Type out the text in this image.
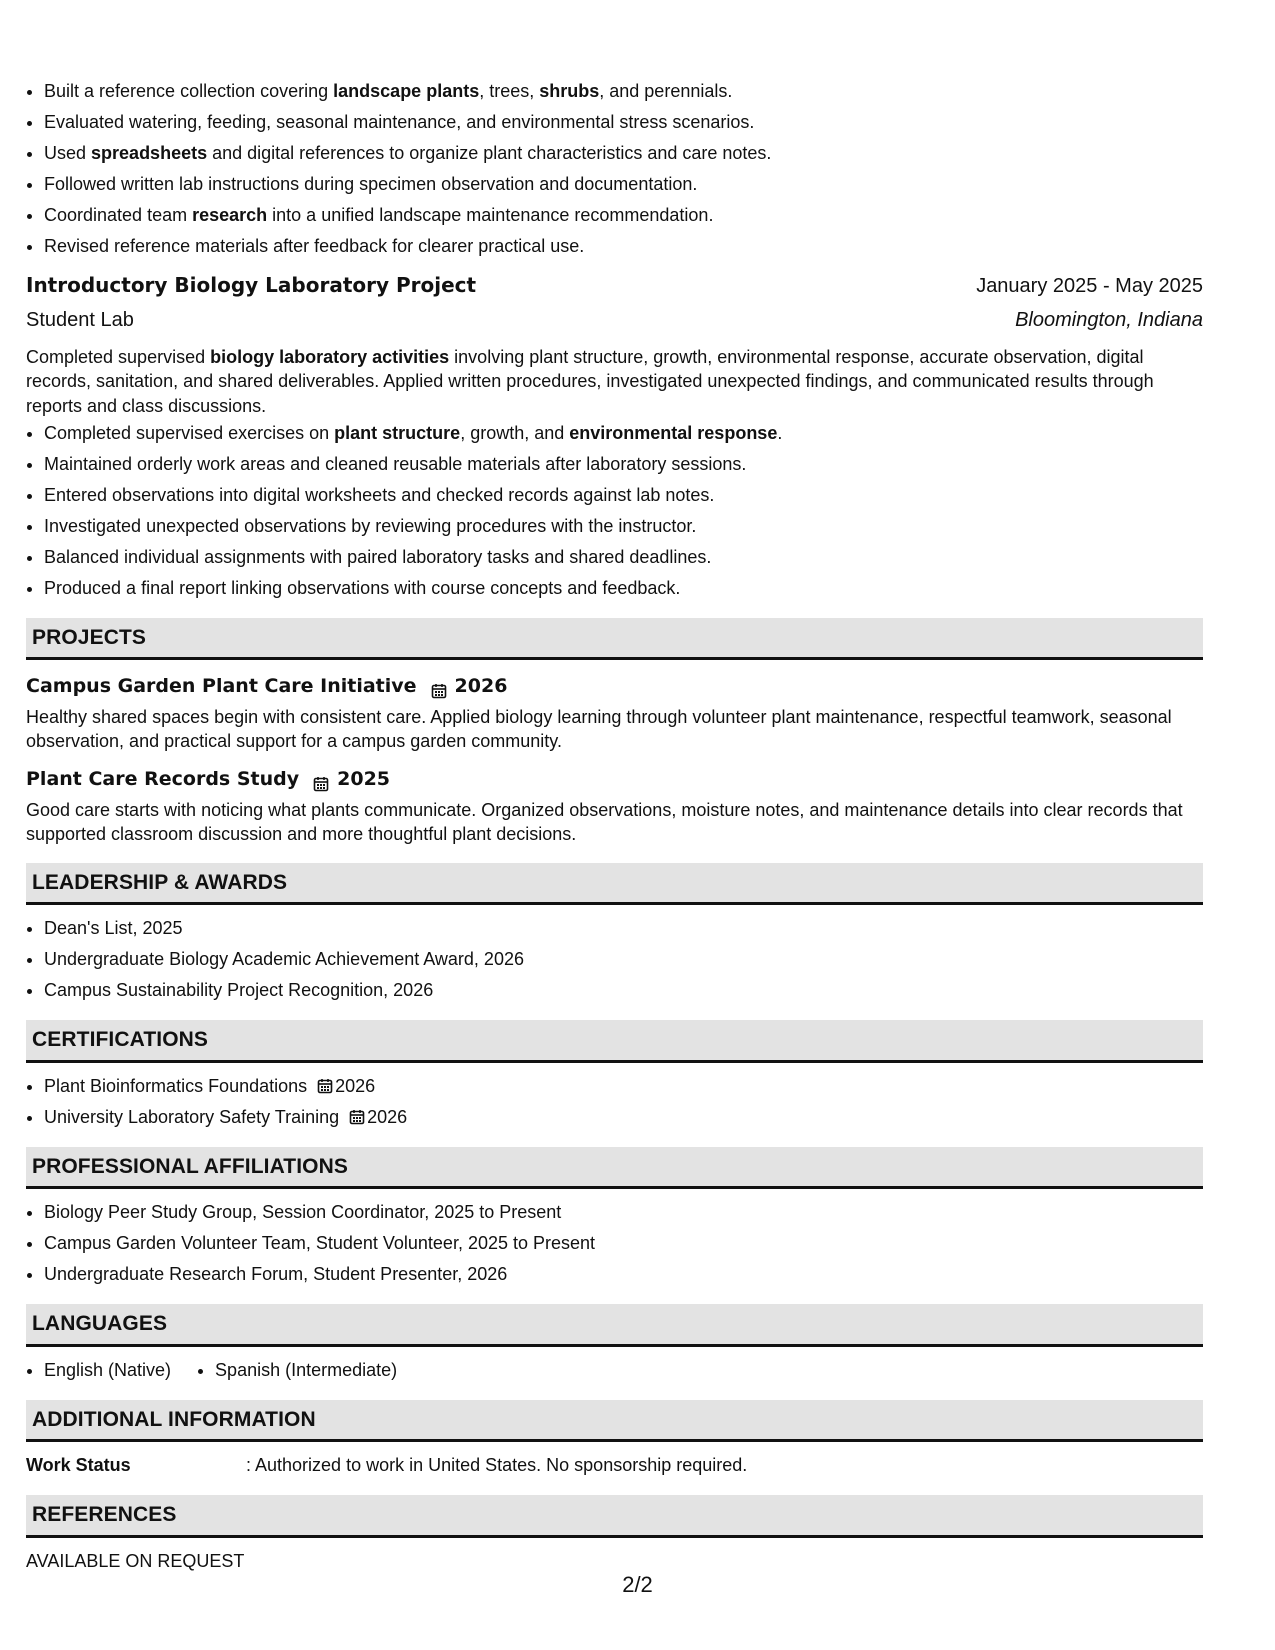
• Built a reference collection covering landscape plants, trees, shrubs, and perennials.
• Evaluated watering, feeding, seasonal maintenance, and environmental stress scenarios.
• Used spreadsheets and digital references to organize plant characteristics and care notes.
• Followed written lab instructions during specimen observation and documentation.
• Coordinated team research into a unified landscape maintenance recommendation.
• Revised reference materials after feedback for clearer practical use.
Introductory Biology Laboratory Project	January 2025 - May 2025
Student Lab	Bloomington, Indiana
Completed supervised biology laboratory activities involving plant structure, growth, environmental response, accurate observation, digital records, sanitation, and shared deliverables. Applied written procedures, investigated unexpected findings, and communicated results through reports and class discussions.
• Completed supervised exercises on plant structure, growth, and environmental response.
• Maintained orderly work areas and cleaned reusable materials after laboratory sessions.
• Entered observations into digital worksheets and checked records against lab notes.
• Investigated unexpected observations by reviewing procedures with the instructor.
• Balanced individual assignments with paired laboratory tasks and shared deadlines.
• Produced a final report linking observations with course concepts and feedback.
PROJECTS
Campus Garden Plant Care Initiative 2026
Healthy shared spaces begin with consistent care. Applied biology learning through volunteer plant maintenance, respectful teamwork, seasonal observation, and practical support for a campus garden community.
Plant Care Records Study 2025
Good care starts with noticing what plants communicate. Organized observations, moisture notes, and maintenance details into clear records that supported classroom discussion and more thoughtful plant decisions.
LEADERSHIP & AWARDS
• Dean's List, 2025
• Undergraduate Biology Academic Achievement Award, 2026
• Campus Sustainability Project Recognition, 2026
CERTIFICATIONS
• Plant Bioinformatics Foundations 2026
• University Laboratory Safety Training 2026
PROFESSIONAL AFFILIATIONS
• Biology Peer Study Group, Session Coordinator, 2025 to Present
• Campus Garden Volunteer Team, Student Volunteer, 2025 to Present
• Undergraduate Research Forum, Student Presenter, 2026
LANGUAGES
• English (Native)
• Spanish (Intermediate)
ADDITIONAL INFORMATION
Work Status	: Authorized to work in United States. No sponsorship required.
REFERENCES
AVAILABLE ON REQUEST
2/2
